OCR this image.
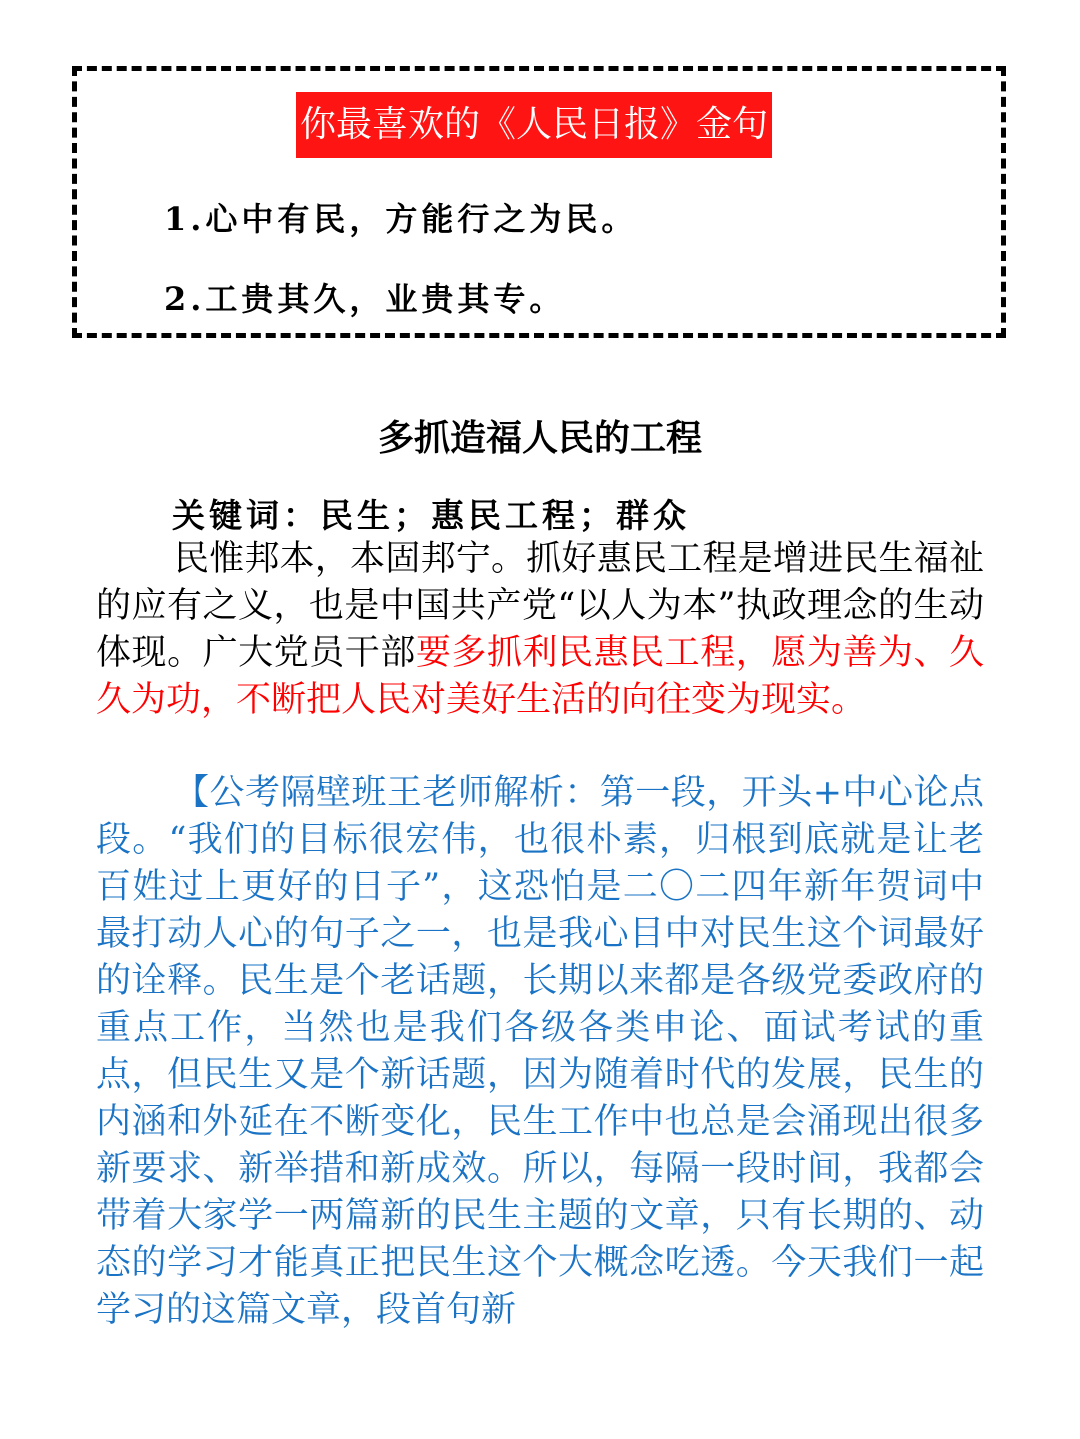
你最喜欢的《人民日报》金句
1.心中有民，方能行之为民。
2.工贵其久，业贵其专。
多抓造福人民的工程
关键词：民生；惠民工程；群众

民惟邦本，本固邦宁。抓好惠民工程是增进民生福祉的应有之义，也是中国共产党“以人为本”执政理念的生动体现。广大党员干部要多抓利民惠民工程，愿为善为、久久为功，不断把人民对美好生活的向往变为现实。

【公考隔壁班王老师解析：第一段，开头+中心论点段。“我们的目标很宏伟，也很朴素，归根到底就是让老百姓过上更好的日子”，这恐怕是二〇二四年新年贺词中最打动人心的句子之一，也是我心目中对民生这个词最好的诠释。民生是个老话题，长期以来都是各级党委政府的重点工作，当然也是我们各级各类申论、面试考试的重点，但民生又是个新话题，因为随着时代的发展，民生的内涵和外延在不断变化，民生工作中也总是会涌现出很多新要求、新举措和新成效。所以，每隔一段时间，我都会带着大家学一两篇新的民生主题的文章，只有长期的、动态的学习才能真正把民生这个大概念吃透。今天我们一起学习的这篇文章，段首句新
